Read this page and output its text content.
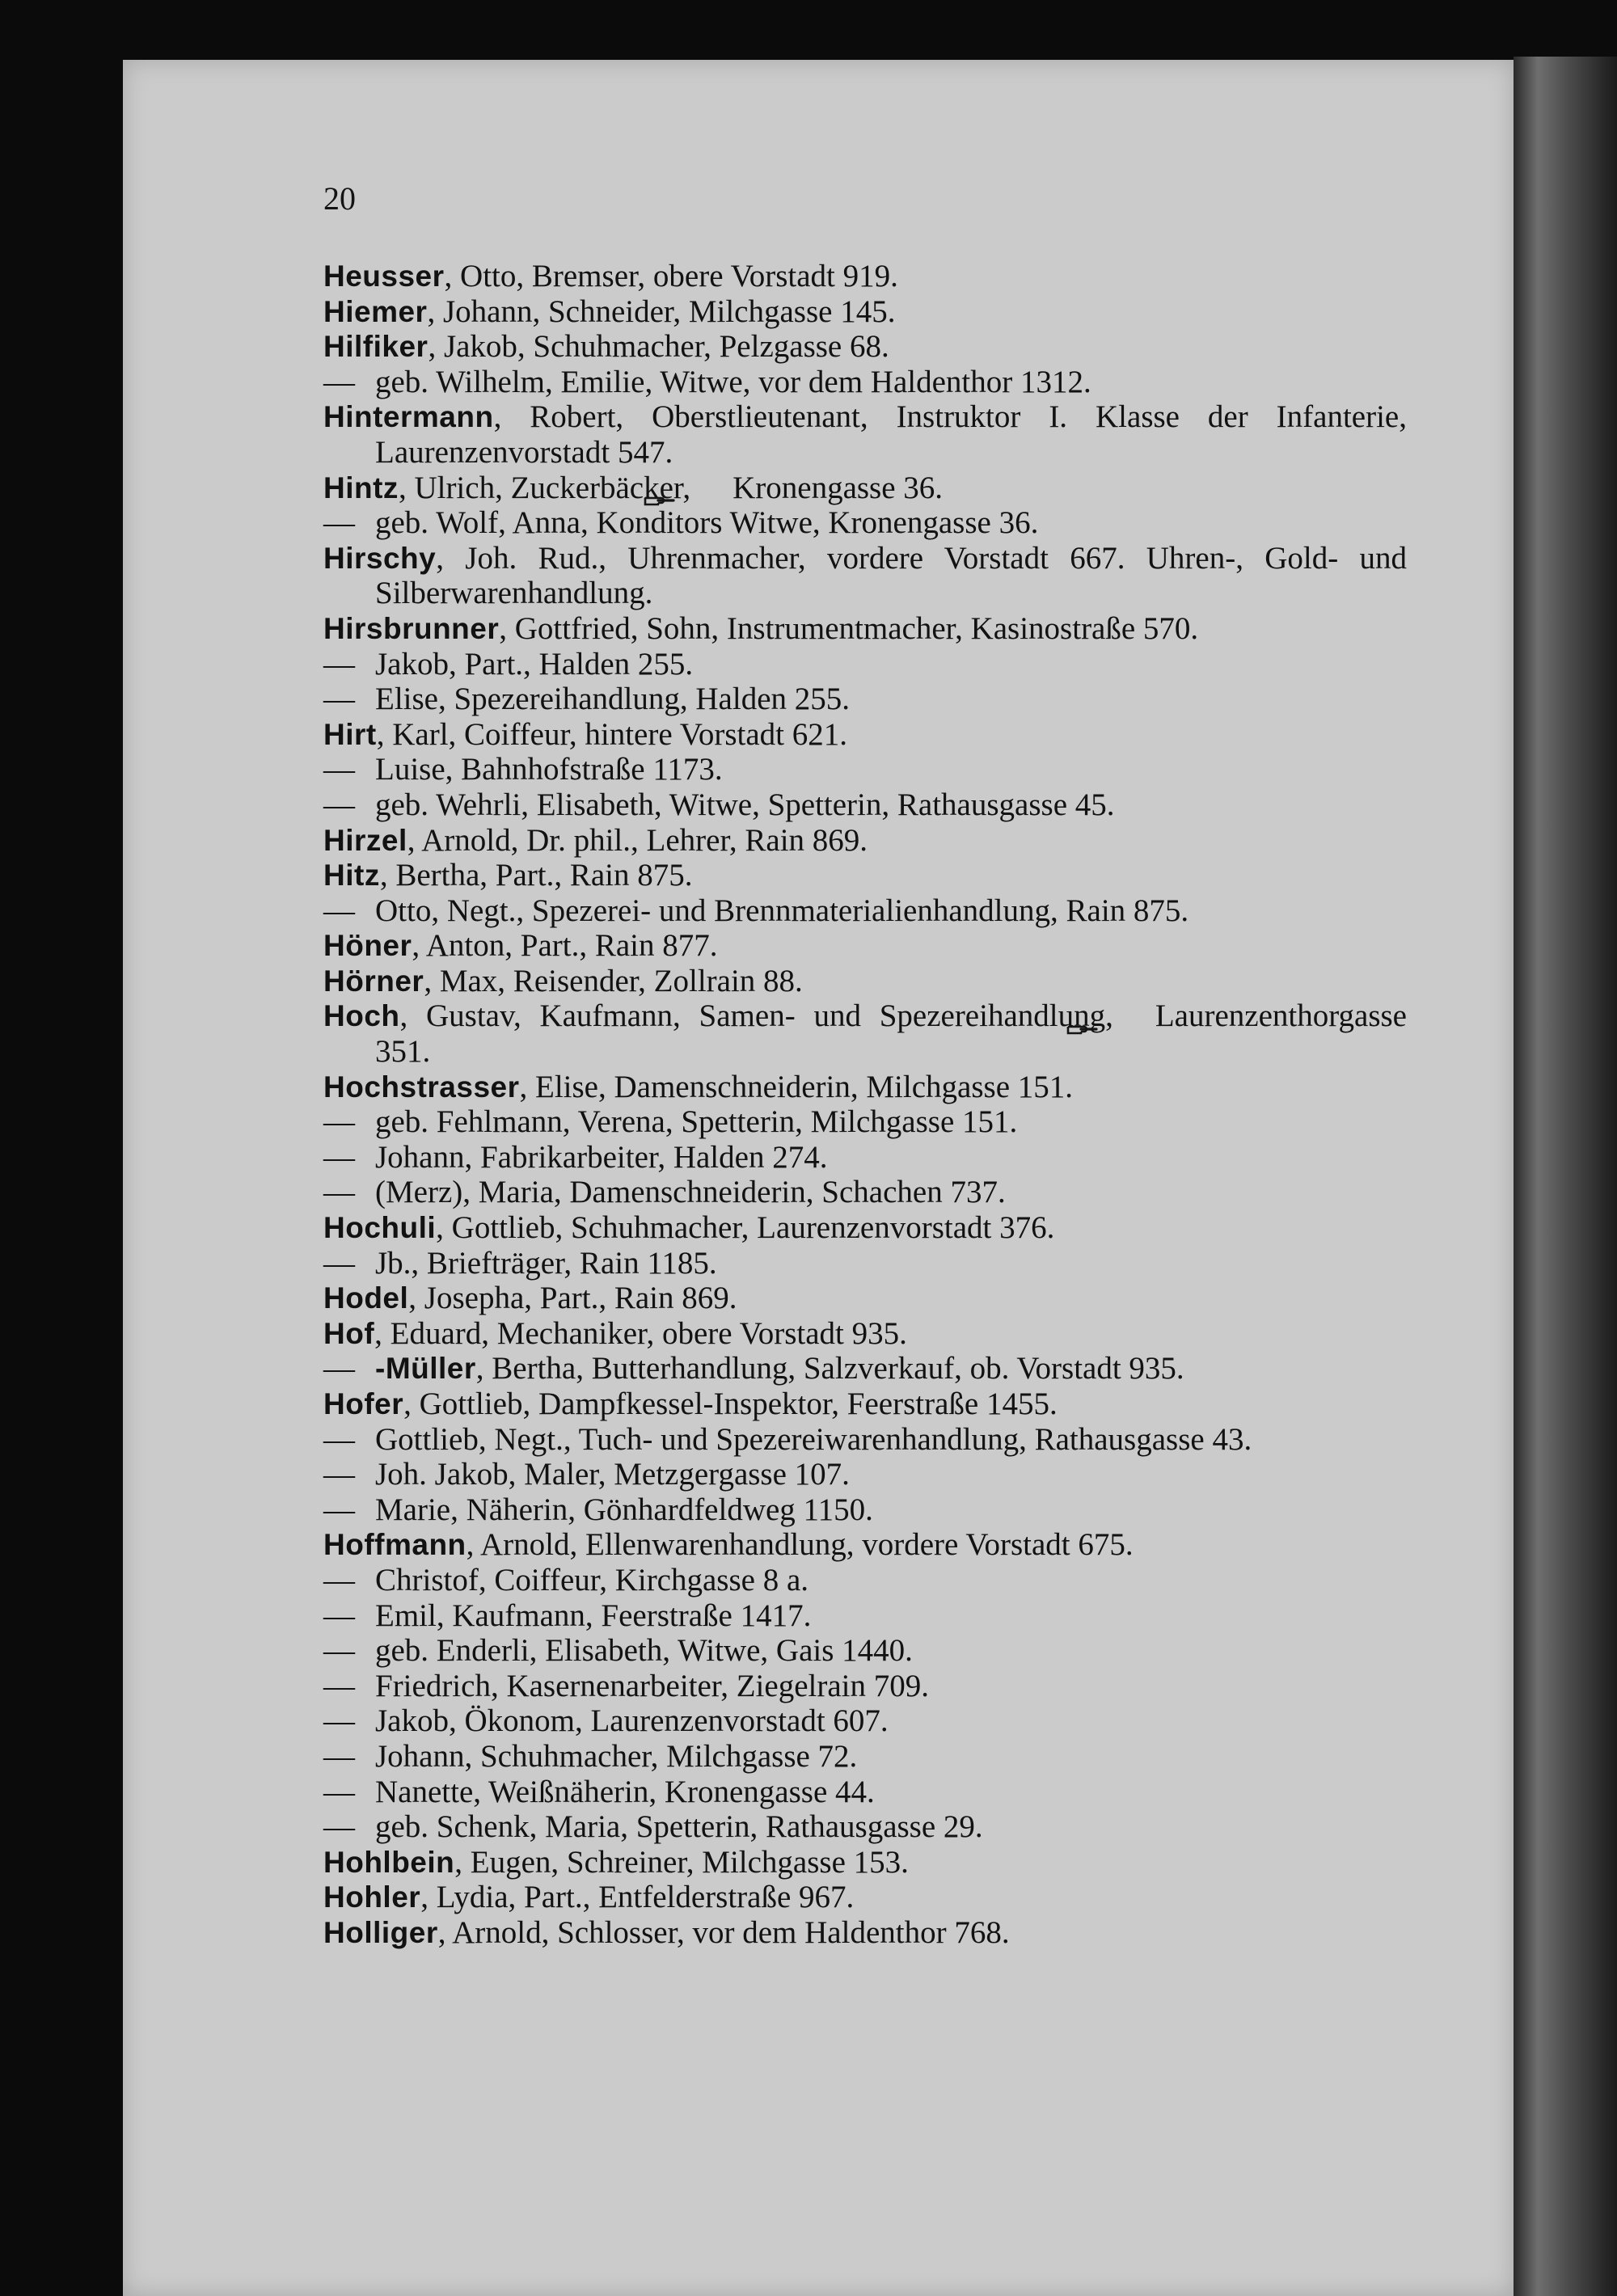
20
Heusser, Otto, Bremser, obere Vorstadt 919.
Hiemer, Johann, Schneider, Milchgasse 145.
Hilfiker, Jakob, Schuhmacher, Pelzgasse 68.
— geb. Wilhelm, Emilie, Witwe, vor dem Haldenthor 1312.
Hintermann, Robert, Oberstlieutenant, Instruktor I. Klasse der Infanterie, Laurenzenvorstadt 547.
Hintz, Ulrich, Zuckerbäcker, Kronengasse 36.
— geb. Wolf, Anna, Konditors Witwe, Kronengasse 36.
Hirschy, Joh. Rud., Uhrenmacher, vordere Vorstadt 667. Uhren-, Gold- und Silberwarenhandlung.
Hirsbrunner, Gottfried, Sohn, Instrumentmacher, Kasinostraße 570.
— Jakob, Part., Halden 255.
— Elise, Spezereihandlung, Halden 255.
Hirt, Karl, Coiffeur, hintere Vorstadt 621.
— Luise, Bahnhofstraße 1173.
— geb. Wehrli, Elisabeth, Witwe, Spetterin, Rathausgasse 45.
Hirzel, Arnold, Dr. phil., Lehrer, Rain 869.
Hitz, Bertha, Part., Rain 875.
— Otto, Negt., Spezerei- und Brennmaterialienhandlung, Rain 875.
Höner, Anton, Part., Rain 877.
Hörner, Max, Reisender, Zollrain 88.
Hoch, Gustav, Kaufmann, Samen- und Spezereihandlung, Laurenzenthorgasse 351.
Hochstrasser, Elise, Damenschneiderin, Milchgasse 151.
— geb. Fehlmann, Verena, Spetterin, Milchgasse 151.
— Johann, Fabrikarbeiter, Halden 274.
— (Merz), Maria, Damenschneiderin, Schachen 737.
Hochuli, Gottlieb, Schuhmacher, Laurenzenvorstadt 376.
— Jb., Briefträger, Rain 1185.
Hodel, Josepha, Part., Rain 869.
Hof, Eduard, Mechaniker, obere Vorstadt 935.
— -Müller, Bertha, Butterhandlung, Salzverkauf, ob. Vorstadt 935.
Hofer, Gottlieb, Dampfkessel-Inspektor, Feerstraße 1455.
— Gottlieb, Negt., Tuch- und Spezereiwarenhandlung, Rathausgasse 43.
— Joh. Jakob, Maler, Metzgergasse 107.
— Marie, Näherin, Gönhardfeldweg 1150.
Hoffmann, Arnold, Ellenwarenhandlung, vordere Vorstadt 675.
— Christof, Coiffeur, Kirchgasse 8 a.
— Emil, Kaufmann, Feerstraße 1417.
— geb. Enderli, Elisabeth, Witwe, Gais 1440.
— Friedrich, Kasernenarbeiter, Ziegelrain 709.
— Jakob, Ökonom, Laurenzenvorstadt 607.
— Johann, Schuhmacher, Milchgasse 72.
— Nanette, Weißnäherin, Kronengasse 44.
— geb. Schenk, Maria, Spetterin, Rathausgasse 29.
Hohlbein, Eugen, Schreiner, Milchgasse 153.
Hohler, Lydia, Part., Entfelderstraße 967.
Holliger, Arnold, Schlosser, vor dem Haldenthor 768.
